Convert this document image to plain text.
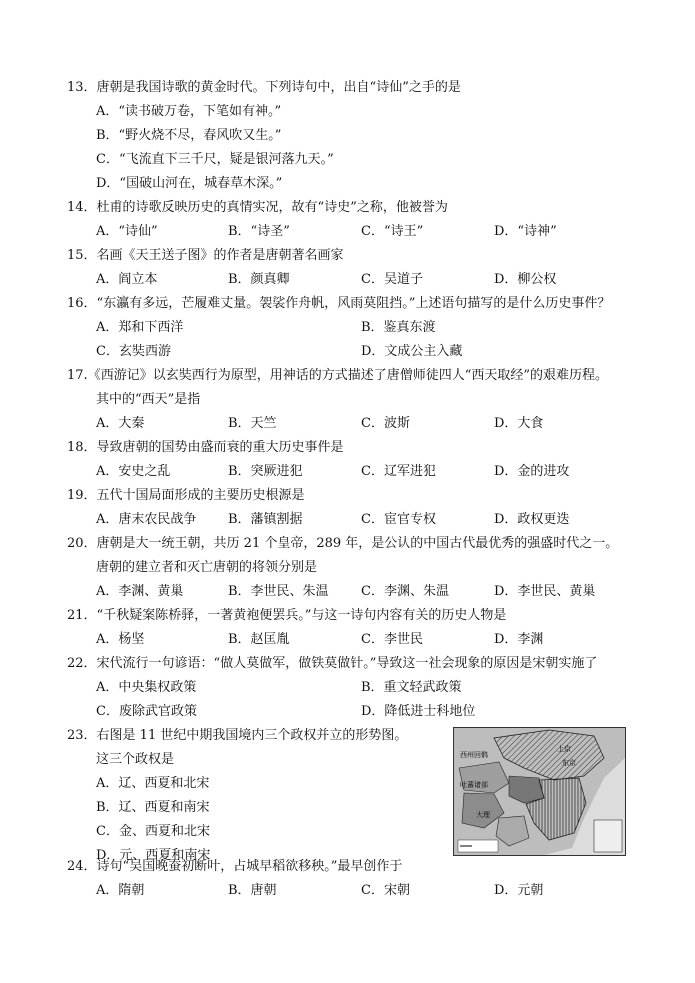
13．唐朝是我国诗歌的黄金时代。下列诗句中，出自“诗仙”之手的是
A．“读书破万卷，下笔如有神。”
B．“野火烧不尽，春风吹又生。”
C．“飞流直下三千尺，疑是银河落九天。”
D．“国破山河在，城春草木深。”
14．杜甫的诗歌反映历史的真情实况，故有“诗史”之称，他被誉为
A．“诗仙”	B．“诗圣”	C．“诗王”	D．“诗神”
15．名画《天王送子图》的作者是唐朝著名画家
A．阎立本	B．颜真卿	C．吴道子	D．柳公权
16．“东瀛有多远，芒履难丈量。袈裟作舟帆，风雨莫阻挡。”上述语句描写的是什么历史事件？
A．郑和下西洋	B．鉴真东渡
C．玄奘西游	D．文成公主入藏
17.《西游记》以玄奘西行为原型，用神话的方式描述了唐僧师徒四人“西天取经”的艰难历程。
其中的“西天”是指
A．大秦	B．天竺	C．波斯	D．大食
18．导致唐朝的国势由盛而衰的重大历史事件是
A．安史之乱	B．突厥进犯	C．辽军进犯	D．金的进攻
19．五代十国局面形成的主要历史根源是
A．唐末农民战争 B．藩镇割据	C．宦官专权	D．政权更迭
20．唐朝是大一统王朝，共历 21 个皇帝，289 年，是公认的中国古代最优秀的强盛时代之一。
唐朝的建立者和灭亡唐朝的将领分别是
A．李渊、黄巢	B．李世民、朱温 C．李渊、朱温	D．李世民、黄巢
21．“千秋疑案陈桥驿，一著黄袍便罢兵。”与这一诗句内容有关的历史人物是
A．杨坚	B．赵匡胤	C．李世民	D．李渊
22．宋代流行一句谚语：“做人莫做军，做铁莫做针。”导致这一社会现象的原因是宋朝实施了
A．中央集权政策	B．重文轻武政策
C．废除武官政策	D．降低进士科地位
23．右图是 11 世纪中期我国境内三个政权并立的形势图。
这三个政权是
A．辽、西夏和北宋
B．辽、西夏和南宋
C．金、西夏和北宋
D．元、西夏和南宋
西州回鹘
上京
吐蕃诸部
东京
大理
24．诗句“吴国晚蚕初断叶，占城早稻欲移秧。”最早创作于
A．隋朝	B．唐朝	C．宋朝	D．元朝
